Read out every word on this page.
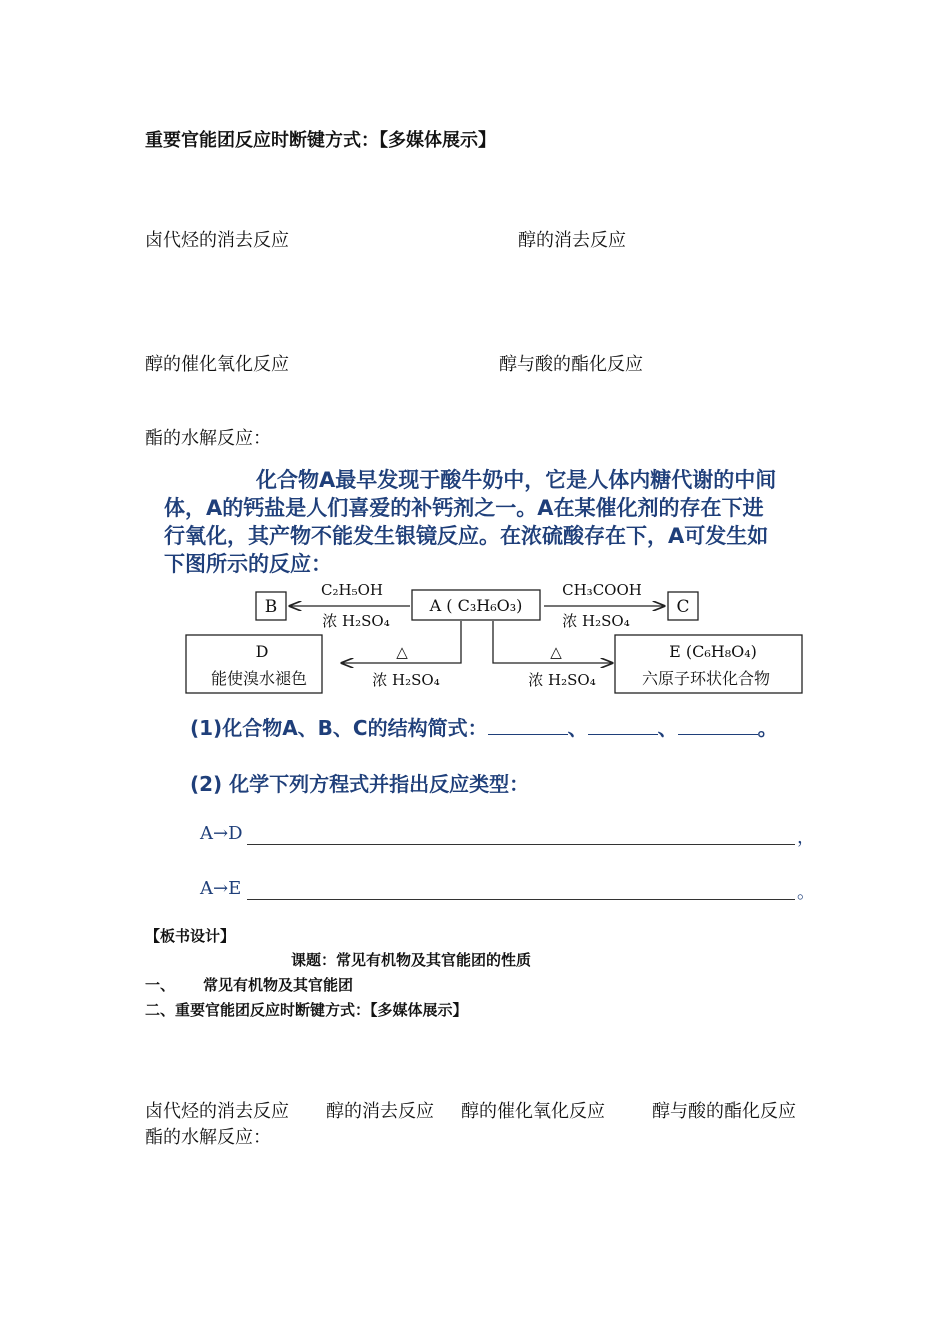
重要官能团反应时断键方式：【多媒体展示】
卤代烃的消去反应	醇的消去反应
醇的催化氧化反应	醇与酸的酯化反应
酯的水解反应：
化合物A最早发现于酸牛奶中，它是人体内糖代谢的中间
体，A的钙盐是人们喜爱的补钙剂之一。A在某催化剂的存在下进
行氧化，其产物不能发生银镜反应。在浓硫酸存在下，A可发生如
下图所示的反应：
B	A ( C₃H₆O₃)	C
C₂H₅OH
浓 H₂SO₄
CH₃COOH
浓 H₂SO₄
D
能使溴水褪色
E (C₆H₈O₄)
六原子环状化合物
△
浓 H₂SO₄
△
浓 H₂SO₄
(1)化合物A、B、C的结构简式：	、	、	。
(2) 化学下列方程式并指出反应类型：
A→D	，
A→E	。
【板书设计】
课题：常见有机物及其官能团的性质
一、 常见有机物及其官能团
二、重要官能团反应时断键方式：【多媒体展示】
卤代烃的消去反应 醇的消去反应 醇的催化氧化反应	醇与酸的酯化反应
酯的水解反应：
